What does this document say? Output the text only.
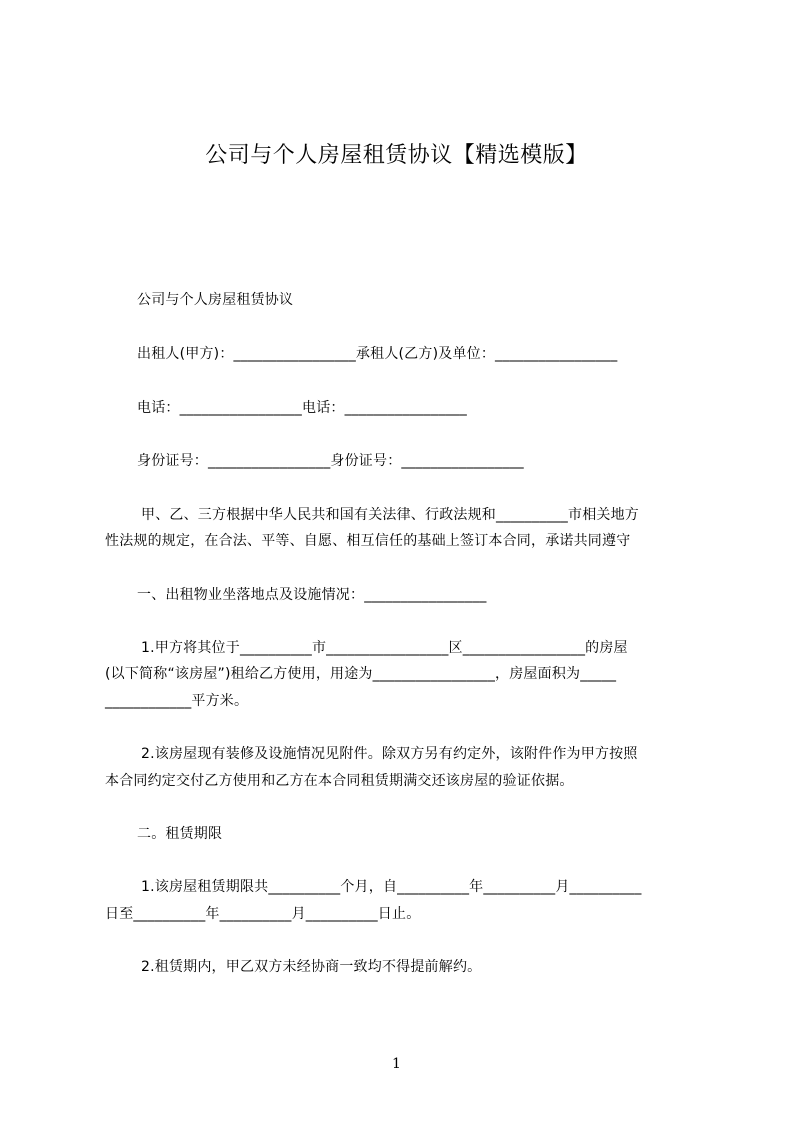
公司与个人房屋租赁协议【精选模版】
公司与个人房屋租赁协议
出租人(甲方)：_________________承租人(乙方)及单位：_________________
电话：_________________电话：_________________
身份证号：_________________身份证号：_________________
甲、乙、三方根据中华人民共和国有关法律、行政法规和__________市相关地方
性法规的规定，在合法、平等、自愿、相互信任的基础上签订本合同，承诺共同遵守
一、出租物业坐落地点及设施情况：_________________
1.甲方将其位于__________市_________________区_________________的房屋
(以下简称“该房屋”)租给乙方使用，用途为_________________，房屋面积为_____
____________平方米。
2.该房屋现有装修及设施情况见附件。除双方另有约定外，该附件作为甲方按照
本合同约定交付乙方使用和乙方在本合同租赁期满交还该房屋的验证依据。
二。租赁期限
1.该房屋租赁期限共__________个月，自__________年__________月__________
日至__________年__________月__________日止。
2.租赁期内，甲乙双方未经协商一致均不得提前解约。
1
